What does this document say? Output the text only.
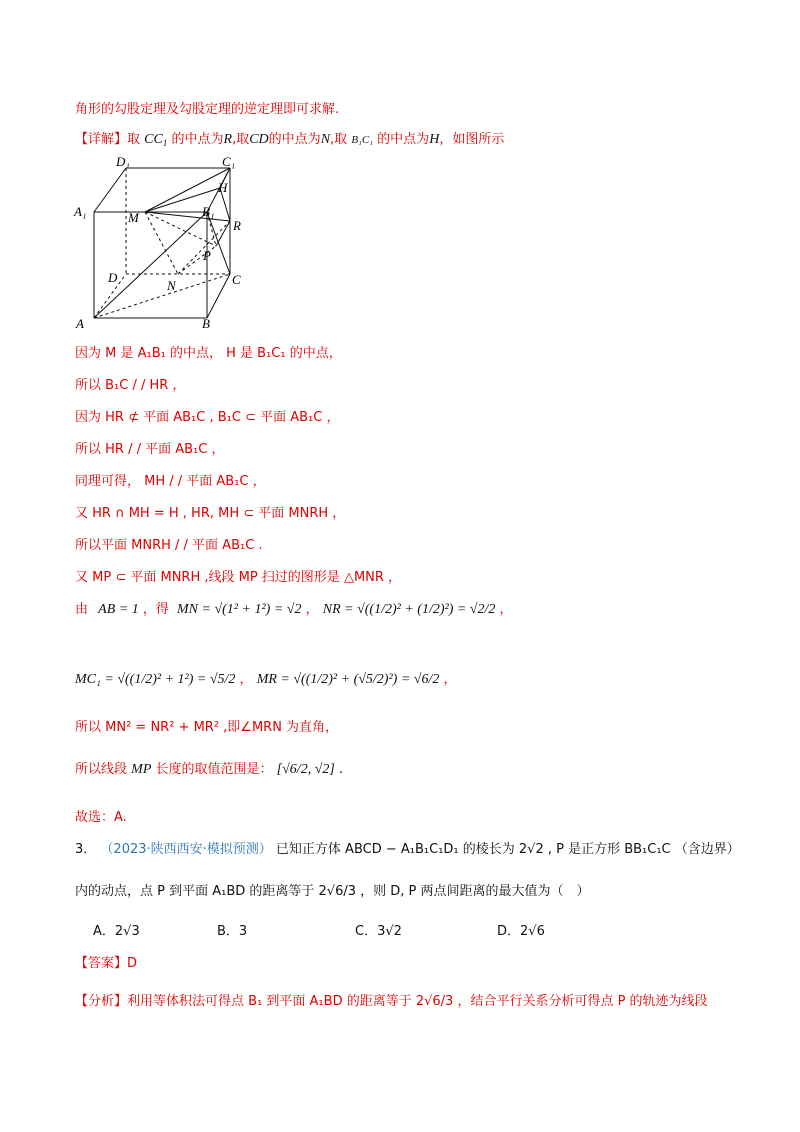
角形的勾股定理及勾股定理的逆定理即可求解.
【详解】取 $CC_1$ 的中点为R,取CD的中点为N,取 B₁C₁ 的中点为H，如图所示
D₁	C₁
H
A₁	M	B₁
R
P
D	C
N
A	B
因为 M 是 A₁B₁ 的中点， H 是 B₁C₁ 的中点，
所以 B₁C / / HR ，
因为 HR ⊄ 平面 AB₁C , B₁C ⊂ 平面 AB₁C ，
所以 HR / / 平面 AB₁C ，
同理可得， MH / / 平面 AB₁C ，
又 HR ∩ MH = H , HR, MH ⊂ 平面 MNRH ，
所以平面 MNRH / / 平面 AB₁C .
又 MP ⊂ 平面 MNRH ,线段 MP 扫过的图形是 △MNR ，
由 AB = 1 ，得 MN = √(1² + 1²) = √2 ， NR = √((1/2)² + (1/2)²) = √2/2 ，
MC₁ = √((1/2)² + 1²) = √5/2 ， MR = √((1/2)² + (√5/2)²) = √6/2 ，
所以 MN² = NR² + MR² ,即∠MRN 为直角，
所以线段 MP 长度的取值范围是： [√6/2, √2] .
故选：A.
3． （2023·陕西西安·模拟预测） 已知正方体 ABCD − A₁B₁C₁D₁ 的棱长为 2√2 , P 是正方形 BB₁C₁C （含边界）
内的动点，点 P 到平面 A₁BD 的距离等于 2√6/3 ，则 D, P 两点间距离的最大值为（　）
A．2√3	B．3	C．3√2	D．2√6
【答案】D
【分析】利用等体积法可得点 B₁ 到平面 A₁BD 的距离等于 2√6/3 ，结合平行关系分析可得点 P 的轨迹为线段
